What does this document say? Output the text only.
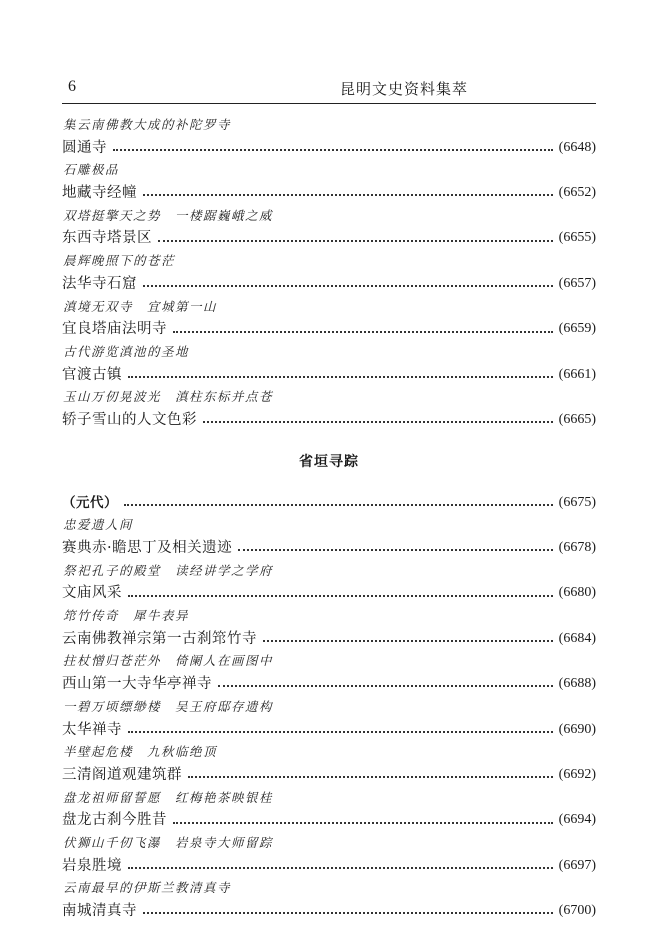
6	昆明文史资料集萃
集云南佛教大成的补陀罗寺
圆通寺	(6648)
石雕极品
地藏寺经幢	(6652)
双塔挺擎天之势　一楼踞巍峨之威
东西寺塔景区	(6655)
晨辉晚照下的苍茫
法华寺石窟	(6657)
滇境无双寺　宜城第一山
宜良塔庙法明寺	(6659)
古代游览滇池的圣地
官渡古镇	(6661)
玉山万仞晃波光　滇柱东标并点苍
轿子雪山的人文色彩	(6665)
省垣寻踪
（元代）	(6675)
忠爱遗人间
赛典赤·瞻思丁及相关遗迹	(6678)
祭祀孔子的殿堂　读经讲学之学府
文庙风采	(6680)
筇竹传奇　犀牛表异
云南佛教禅宗第一古刹筇竹寺	(6684)
拄杖憎归苍茫外　倚阑人在画图中
西山第一大寺华亭禅寺	(6688)
一碧万顷缥缈楼　吴王府邸存遗构
太华禅寺	(6690)
半壁起危楼　九秋临绝顶
三清阁道观建筑群	(6692)
盘龙祖师留誓愿　红梅艳茶映银桂
盘龙古刹今胜昔	(6694)
伏狮山千仞飞瀑　岩泉寺大师留踪
岩泉胜境	(6697)
云南最早的伊斯兰教清真寺
南城清真寺	(6700)
